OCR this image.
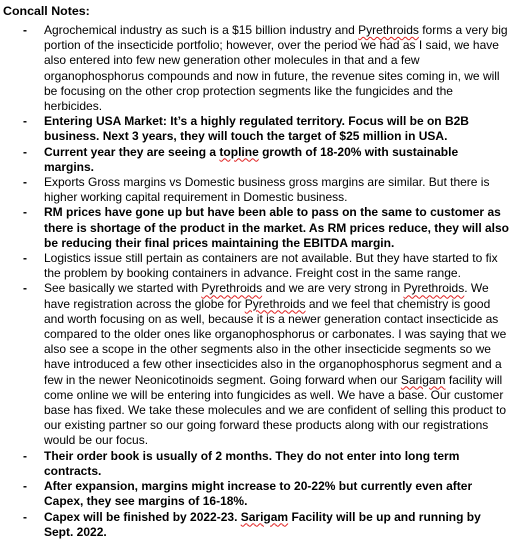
Concall Notes:
- Agrochemical industry as such is a $15 billion industry and Pyrethroids forms a very big portion of the insecticide portfolio; however, over the period we had as I said, we have also entered into few new generation other molecules in that and a few organophosphorus compounds and now in future, the revenue sites coming in, we will be focusing on the other crop protection segments like the fungicides and the herbicides.
- Entering USA Market: It’s a highly regulated territory. Focus will be on B2B business. Next 3 years, they will touch the target of $25 million in USA.
- Current year they are seeing a topline growth of 18-20% with sustainable margins.
- Exports Gross margins vs Domestic business gross margins are similar. But there is higher working capital requirement in Domestic business.
- RM prices have gone up but have been able to pass on the same to customer as there is shortage of the product in the market. As RM prices reduce, they will also be reducing their final prices maintaining the EBITDA margin.
- Logistics issue still pertain as containers are not available. But they have started to fix the problem by booking containers in advance. Freight cost in the same range.
- See basically we started with Pyrethroids and we are very strong in Pyrethroids. We have registration across the globe for Pyrethroids and we feel that chemistry is good and worth focusing on as well, because it is a newer generation contact insecticide as compared to the older ones like organophosphorus or carbonates. I was saying that we also see a scope in the other segments also in the other insecticide segments so we have introduced a few other insecticides also in the organophosphorus segment and a few in the newer Neonicotinoids segment. Going forward when our Sarigam facility will come online we will be entering into fungicides as well. We have a base. Our customer base has fixed. We take these molecules and we are confident of selling this product to our existing partner so our going forward these products along with our registrations would be our focus.
- Their order book is usually of 2 months. They do not enter into long term contracts.
- After expansion, margins might increase to 20-22% but currently even after Capex, they see margins of 16-18%.
- Capex will be finished by 2022-23. Sarigam Facility will be up and running by Sept. 2022.
